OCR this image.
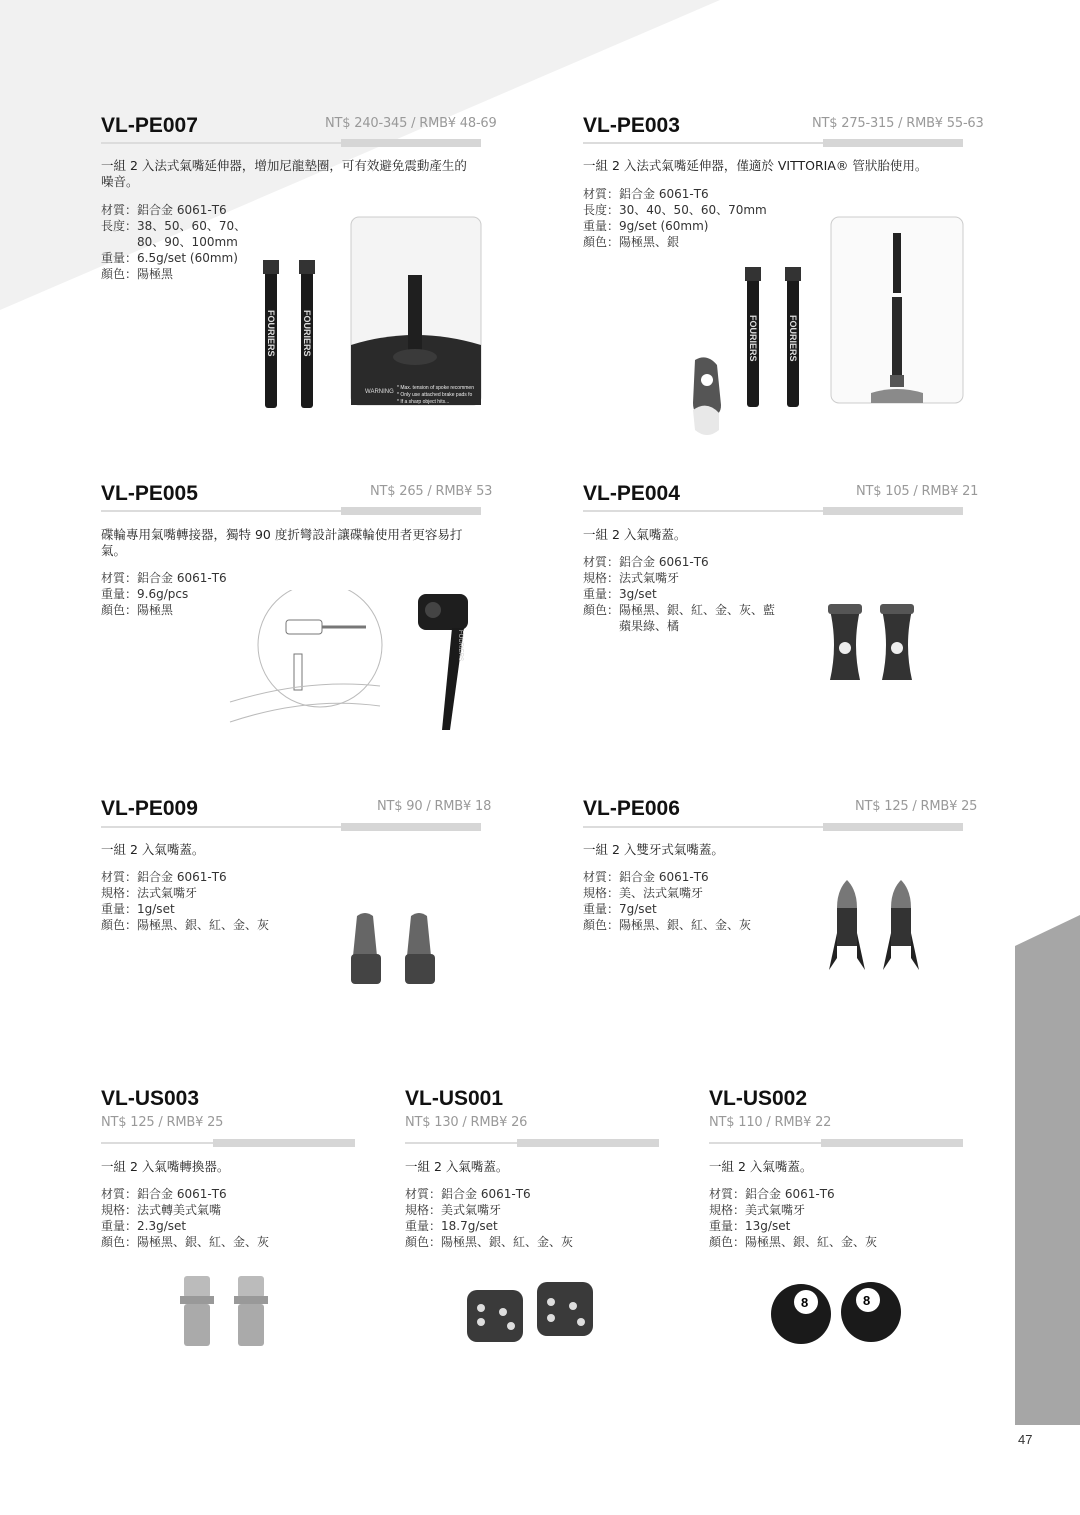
VL-PE007	NT$ 240-345 / RMB¥ 48-69
一組 2 入法式氣嘴延伸器，增加尼龍墊圈，可有效避免震動產生的噪音。
材質： 鋁合金 6061-T6
長度： 38、50、60、70、
80、90、100mm
重量： 6.5g/set (60mm)
顏色： 陽極黑
FOURIERS	FOURIERS
WARNING
* Max. tension of spoke recommen
* Only use attached brake pads fo
* If a sharp object hits...
VL-PE003	NT$ 275-315 / RMB¥ 55-63
一組 2 入法式氣嘴延伸器，僅適於 VITTORIA® 管狀胎使用。
材質： 鋁合金 6061-T6
長度： 30、40、50、60、70mm
重量： 9g/set (60mm)
顏色： 陽極黑、銀
FOURIERS	FOURIERS
VL-PE005	NT$ 265 / RMB¥ 53
碟輪專用氣嘴轉接器，獨特 90 度折彎設計讓碟輪使用者更容易打氣。
材質： 鋁合金 6061-T6
重量： 9.6g/pcs
顏色： 陽極黑
FOURIERS
VL-PE004	NT$ 105 / RMB¥ 21
一組 2 入氣嘴蓋。
材質： 鋁合金 6061-T6
規格： 法式氣嘴牙
重量： 3g/set
顏色： 陽極黑、銀、紅、金、灰、藍
蘋果綠、橘
VL-PE009	NT$ 90 / RMB¥ 18
一組 2 入氣嘴蓋。
材質： 鋁合金 6061-T6
規格： 法式氣嘴牙
重量： 1g/set
顏色： 陽極黑、銀、紅、金、灰
VL-PE006	NT$ 125 / RMB¥ 25
一組 2 入雙牙式氣嘴蓋。
材質： 鋁合金 6061-T6
規格： 美、法式氣嘴牙
重量： 7g/set
顏色： 陽極黑、銀、紅、金、灰
VL-US003
NT$ 125 / RMB¥ 25
一組 2 入氣嘴轉換器。
材質： 鋁合金 6061-T6
規格： 法式轉美式氣嘴
重量： 2.3g/set
顏色： 陽極黑、銀、紅、金、灰
VL-US001
NT$ 130 / RMB¥ 26
一組 2 入氣嘴蓋。
材質： 鋁合金 6061-T6
規格： 美式氣嘴牙
重量： 18.7g/set
顏色： 陽極黑、銀、紅、金、灰
VL-US002
NT$ 110 / RMB¥ 22
一組 2 入氣嘴蓋。
材質： 鋁合金 6061-T6
規格： 美式氣嘴牙
重量： 13g/set
顏色： 陽極黑、銀、紅、金、灰
8	8
47
